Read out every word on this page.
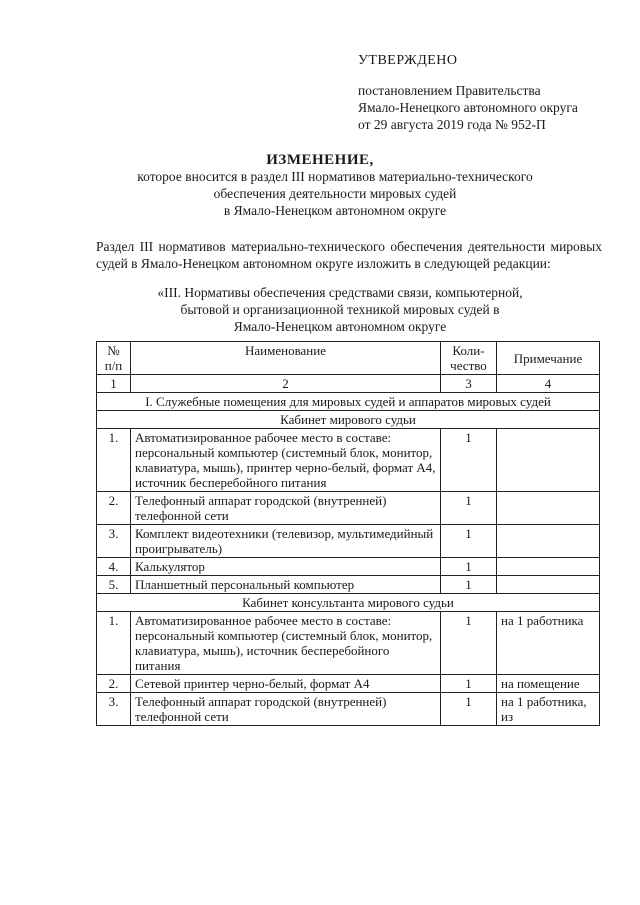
УТВЕРЖДЕНО
постановлением Правительства
Ямало-Ненецкого автономного округа
от 29 августа 2019 года № 952-П
ИЗМЕНЕНИЕ,
которое вносится в раздел III нормативов материально-технического
обеспечения деятельности мировых судей
в Ямало-Ненецком автономном округе
Раздел III нормативов материально-технического обеспечения деятельности мировых судей в Ямало-Ненецком автономном округе изложить в следующей редакции:
«III. Нормативы обеспечения средствами связи, компьютерной,
бытовой и организационной техникой мировых судей в
Ямало-Ненецком автономном округе
№ п/п	Наименование	Коли-чество	Примечание
1	2	3	4
I. Служебные помещения для мировых судей и аппаратов мировых судей			
Кабинет мирового судьи			
1.	Автоматизированное рабочее место в составе: персональный компьютер (системный блок, монитор, клавиатура, мышь), принтер черно-белый, формат А4, источник бесперебойного питания	1	
2.	Телефонный аппарат городской (внутренней) телефонной сети	1	
3.	Комплект видеотехники (телевизор, мультимедийный проигрыватель)	1	
4.	Калькулятор	1	
5.	Планшетный персональный компьютер	1	
Кабинет консультанта мирового судьи			
1.	Автоматизированное рабочее место в составе: персональный компьютер (системный блок, монитор, клавиатура, мышь), источник бесперебойного питания	1	на 1 работника
2.	Сетевой принтер черно-белый, формат А4	1	на помещение
3.	Телефонный аппарат городской (внутренней) телефонной сети	1	на 1 работника, из
